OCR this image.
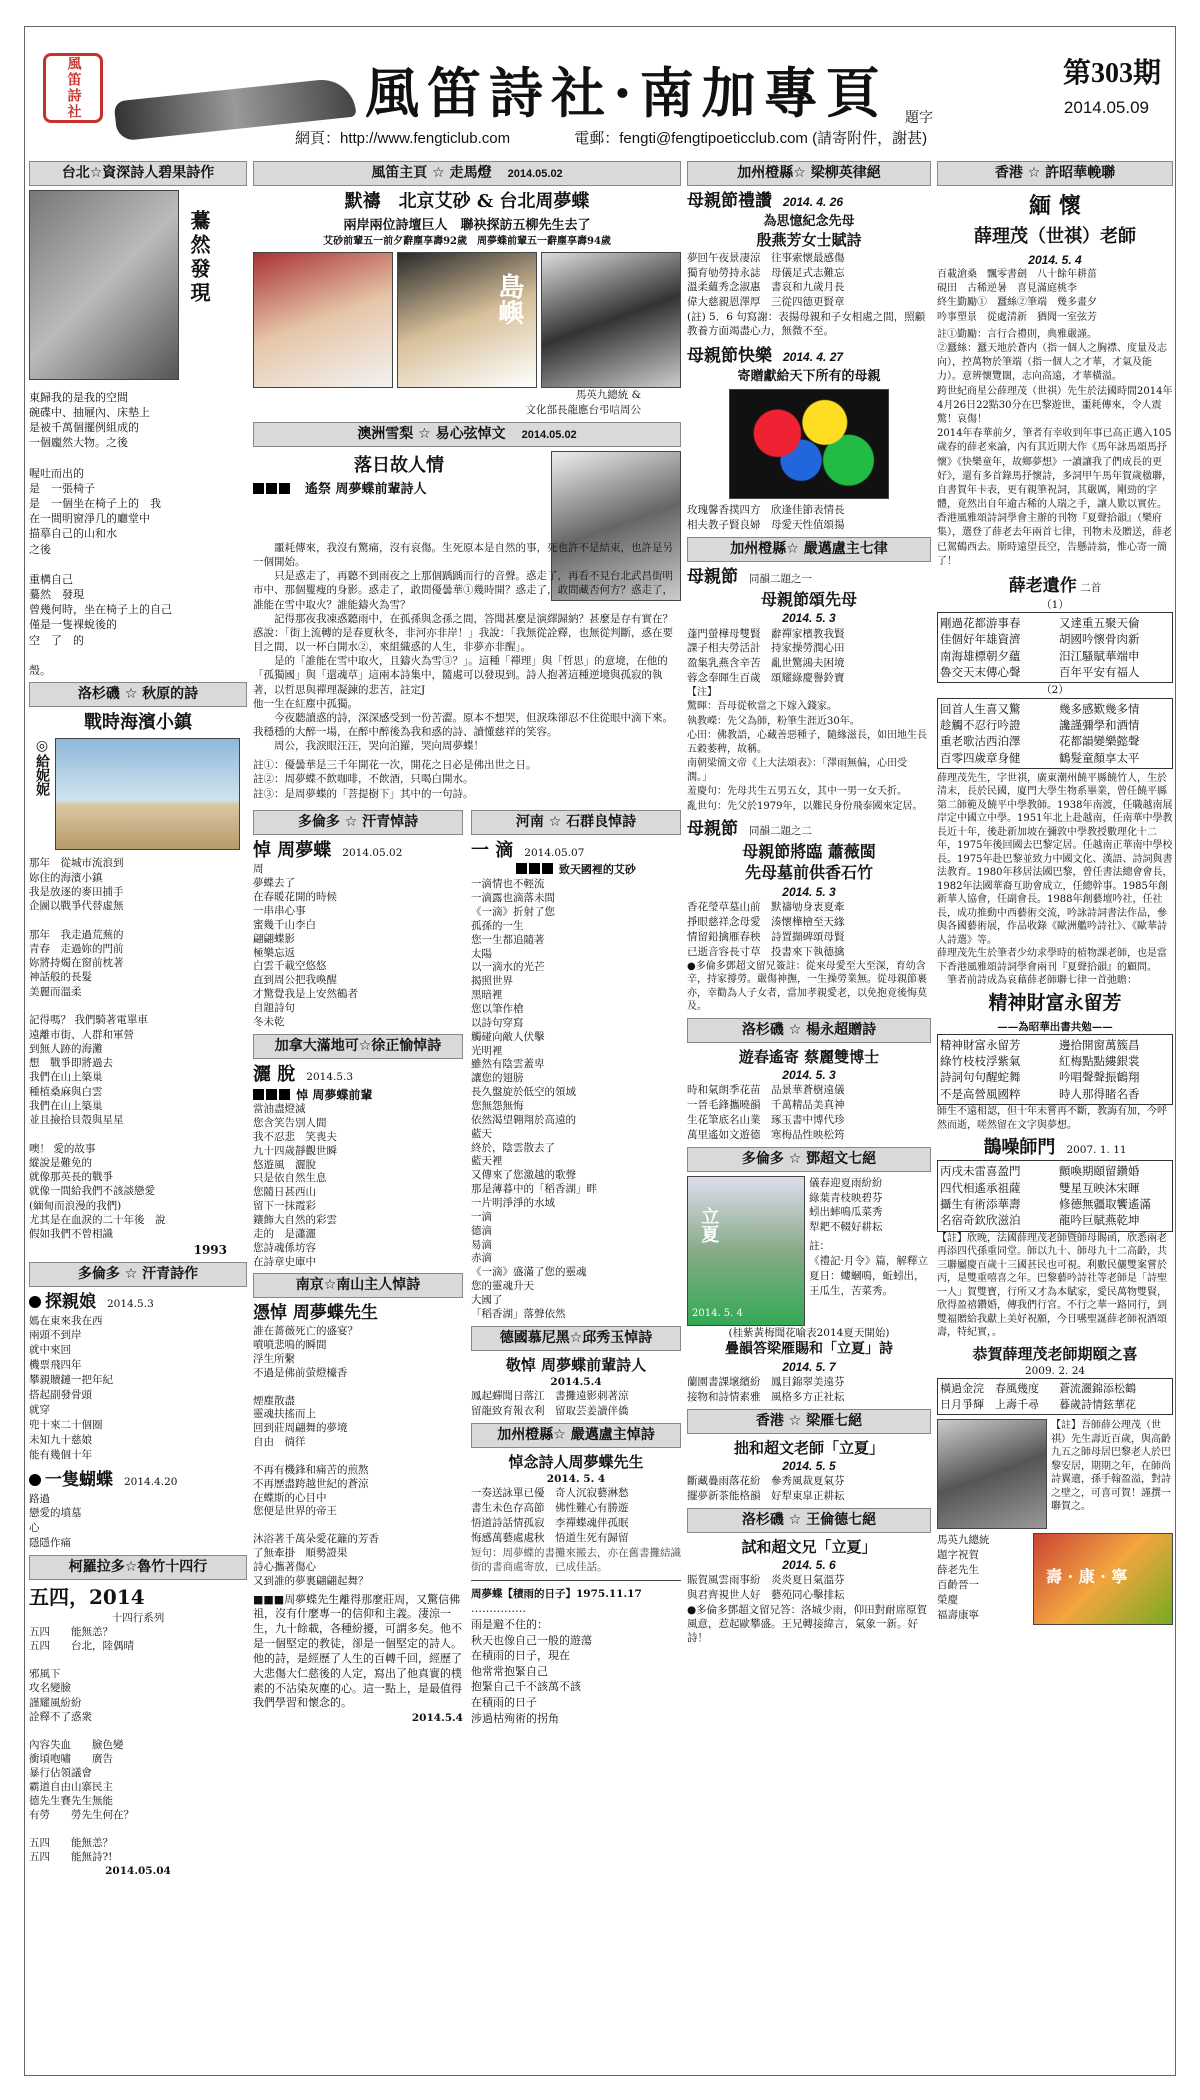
風笛詩社	風笛詩社·南加專頁 題字
第303期
2014.05.09
網頁：http://www.fengticlub.com	電郵：fengti@fengtipoeticclub.com (請寄附件，謝甚)
台北☆資深詩人碧果詩作
驀然發現
東歸我的是我的空間
碗碟中、抽屜內、床墊上
是被千萬個擺例組成的
一個龐然大物。之後

喔吐而出的
是　一張椅子
是　一個坐在椅子上的　我
在一間明窗淨几的廳堂中
描摹自己的山和水
之後

重構自己
驀然　發現
曾幾何時，坐在椅子上的自己
僅是一隻裸蛻後的
空　了　的

殼。
洛杉磯 ☆ 秋原的詩
戰時海濱小鎮
◎給妮妮
那年　從城市流浪到
妳住的海濱小鎮
我是放逐的麥田捕手
企圖以戰爭代替虛無

那年　我走過荒蕪的
青春　走過妳的門前
妳將持燭在窗前枕著
神話般的長髮
美麗而溫柔

記得嗎？ 我們騎著電單車
遠離市街、人群和軍營
到無人跡的海灘
想　戰爭即將過去
我們在山上築巢
種植桑麻與白雲
我們在山上築巢
並且撿拾貝殼與星星

噢！ 愛的故事
縱說是難免的
就像那英長的戰爭
就像一間給我們不該談戀愛
(緬甸而浪漫的我們)
尤其是在血淚的二十年後　說
假如我們不曾相識
1993
多倫多 ☆ 汗青詩作
探親娘　 2014.5.3
媽在東來我在西
兩頭不到岸
就中來回
機票飛四年
攀親贖鏈一把年紀
搭起副發骨頭
就穿
兜十來二十個圈
未知九十慈娘
能有幾個十年
一隻蝴蝶　 2014.4.20
路過
戀愛的墳墓
心
隱隱作痛
柯羅拉多☆魯竹十四行
五四，2014
十四行系列
五四　　能無恙？
五四　　台北，陸偶晴

邪風下
攻名變臉
謹耀風紛紛
詮釋不了惑衆

內容失血　　臉色變
衝頃咆嘯　　廣告
暴行佔領議會
霸道自由山寨民主
德先生賽先生無能
有勞　　勞先生何在？

五四　　能無恙？
五四　　能無詩?!
2014.05.04
風笛主頁 ☆ 走馬燈 2014.05.02
默禱　北京艾砂 & 台北周夢蝶
兩岸兩位詩壇巨人　聯袂探訪五柳先生去了
艾砂前輩五一前夕辭塵享壽92歲　周夢蝶前輩五一辭塵享壽94歲
島嶼
馬英九總統 &
文化部長龍應台弔唁周公
澳洲雪梨 ☆ 易心弦悼文 2014.05.02
落日故人情
　遙祭 周夢蝶前輩詩人
　　噩耗傳來，我沒有驚痛，沒有哀傷。生死原本是自然的事，死也許不是結束，也許是另一個開始。
　　只是惑走了，再聽不到雨夜之上那個踽踽而行的音聲。惑走了，再看不見台北武昌街明市中、那個矍瘦的身影。惑走了，敢問優曇華①幾時開？惑走了，敢問藏否何方？惑走了，誰能在雪中取火？誰能鑄火為雪？
　　記得那夜我凍惑聽雨中，在孤孫與念孫之間，答聞甚麼是演繹歸納？甚麼是存有實在？惑說：「街上流轉的是春夏秋冬，非河亦非岸！」我說：「我無從詮釋，也無從判斷，惑在要目之間，以一杯白開水②，來組織惑的人生，非夢亦非醒」。
　　是的「誰能在雪中取火，且鑄火為雪③？」。這種「禪理」與「哲思」的意境，在他的「孤獨國」與「還魂草」這兩本詩集中，隨處可以發現到。詩人抱著這種逆境與孤寂的執著，以哲思與禪理凝鍊的悲苦，註定J
他一生在紅塵中孤獨。
　　今夜聽讀惑的詩，深深感受到一份苦澀。原本不想哭，但淚珠卻忍不住從眼中滴下來。我穩穩的大醉一場，在醉中醉後為我和惑的詩、讀懂慈祥的笑容。
　　周公，我淚眼汪汪，哭向泊羅，哭向周夢蝶！
註①：優曇華是三千年開花一次，開花之日必是佛出世之日。
註②：周夢蝶不飲咖啡，不飲酒，只喝白開水。
註③：是周夢蝶的「菩提樹下」其中的一句詩。
多倫多 ☆ 汗青悼詩
悼 周夢蝶　 2014.05.02
周
夢蝶去了
在春暖花開的時候
一串串心事
蜜幾千山李白
翩翩蝶影
極樂忘返
白雲千載空悠悠
直到周公把我喚醒
才驚覺我是上安然鶴者
自題詩句
冬未乾
加拿大滿地可☆徐正愉悼詩
灑 脫　 2014.5.3
悼 周夢蝶前輩
當油盡燈滅
您含笑告別人間
我不忍悲　笑喪夫
九十四歲靜觀世瞬
悠遊風　灑脫
只是依自然生息
您隨日甚西山
留下一抹霞彩
鑲飾大自然的彩雲
走的　是瀟灑
您詩魂係坊容
在詩章史庫中
南京☆南山主人悼詩
憑悼 周夢蝶先生
誰在薔薇死亡的盛宴？
噴噴悲鳴的瞬間
浮生所繫
不過是佛前萤燈檯香

煙塵散盡
靈魂扶搖而上
回到莊周翩舞的夢境
自由　徜徉

不再有機鋒和痛苦的煎熬
不再歷盡跨越世紀的蒼涼
在蝶斯的心目中
您便是世界的帝王

沐浴著千萬朵愛花籬的芳香
了無牽掛　順勢證果
詩心攜著傷心
又到誰的夢裏翩翩起舞？
■■■周夢蝶先生離得那麼莊周，又驚信佛祖，沒有什麼專一的信仰和主義。淒涼一生，九十餘載，各種紛擾，可謂多矣。他不是一個堅定的教徒，卻是一個堅定的詩人。他的詩，是經歷了人生的百轉千回，經歷了大悲傷大仁慈後的人定，寫出了他真實的樸素的不沾染灰塵的心。這一點上，是最值得我們學習和懷念的。
2014.5.4
河南 ☆ 石群良悼詩
一 滴　 2014.05.07
致天國裡的艾砂
一滴情也不輕流
一滴露也滴落未間
《一滴》折射了您
孤孫的一生
您一生都追隨著
太陽
以一滴水的光芒
揭照世界
黑暗裡
您以筆作槍
以詩句穿寫
觸碰向敵人伏擊
光明裡
雖然有陰雲蓋卑
讓您的翅膀
長久盤旋於低空的領域
您無怨無悔
依然渴望翱翔於高遠的
藍天
終於，陰雲散去了
藍天裡
又傳來了您激越的歌聲
那是薄暮中的「稻香湖」畔
一片明淨淨的水域
一滴
德滴
易滴
赤滴
《一滴》盛滿了您的靈魂
您的靈魂升天
大國了
「稻香湖」落聲依然
德國慕尼黑☆邱秀玉悼詩
敬悼 周夢蝶前輩詩人
2014.5.4
鳳起蟬聞日落江　書攤遠影刺著涼
留龍致育報衣利　留取芸姜讀伴僑
加州橙縣☆ 嚴邁盧主悼詩
悼念詩人周夢蝶先生
2014. 5. 4
一奏送詠單已優　奇人沉寂藝淋愁
書生未色存高節　佛性難心有勝遊
悟道詩話情孤寂　李禪蝶魂伴孤眠
悔感萬藝處處秋　悟道生死有歸留
短句：周夢蝶的書攤來搬去，亦在舊書攤結識街的書商處寄放，已成佳話。
周夢蝶【積雨的日子】1975.11.17
……………
雨是避不住的：
秋天也像自己一般的遊蕩
在積雨的日子，現在
他常常抱緊自己
抱緊自己千不該萬不該
在積雨的日子
涉過枯殉術的拐角
加州橙縣☆ 梁柳英律絕
母親節禮讚　 2014. 4. 26
為思憶紀念先母
殷燕芳女士賦詩
夢回午夜景凄涼　往事索懷最感傷
獨育劬勞持永誌　母儀足式志難忘
溫柔蘊秀念淑惠　書哀和九歲月長
偉大慈親恩澤厚　三從四德更賢章
(註) 5．6 句寫謝：表揚母親和子女相處之間，照顧教養方面竭盡心力，無微不至。
母親節快樂　 2014. 4. 27
寄贈獻給天下所有的母親
玫瑰馨香撲四方　欣逢佳節表情長
相夫教子賢良婦　母愛天性值頌揚
加州橙縣☆ 嚴邁盧主七律
母親節　 同韻二題之一
母親節頌先母
2014. 5. 3
蓬門螢樺母雙賢　辭禪家檳教我賢
課子相夫勞活計　持家操勞潤心田
盈集乳燕含辛苦　亂世驚鴻夫困境
蓉念奉暉生百歲　頌耀綠慶譽鈴寶
【注】
驚暉：吾母從軟當之下嫁入錢家。
執教嶸：先父為師，粉筆生涯近30年。
心田：佛教語，心藏善惡種子，隨緣滋長，如田地生長五穀萎稗，故稱。
南朝梁簡文帝《上大法頌表》：「澤雨無偏，心田受潤。」
羞慶句：先母共生五男五女，其中一男一女夭折。
亂世句：先父於1979年，以難民身份飛泰國來定居。
母親節　 同韻二題之二
母親節將臨 蕭薇閩
先母墓前供香石竹
2014. 5. 3
香花瑩草墓山前　默禱劬身衷夏牽
掙眼慈祥念母愛　湊懷樺檜至天緣
情留鉛擒雁春秧　詩置擷碑頌母賢
已逝音容長寸草　投書來下執德擒
●多倫多鄧超文留兄簽註：從來母愛至大至深，育幼含辛，持家撐勞。嚴傷神撫，一生操勞業無。從母親節裹亦，幸勸為人子女者，當加孝親愛老，以免抱竟後悔莫及。
洛杉磯 ☆ 楊永超贈詩
遊春遙寄 蔡麗雙博士
2014. 5. 3
時和氣朗季花苗　品景華蒼樹遠儀
一晉毛鋒攜曉韻　千萬精品美真神
生花筆底名山業　琢玉書中博代珍
萬里遙如文遊德　寒梅品性映松筠
多倫多 ☆ 鄧超文七絕
立夏
2014. 5. 4
儀春迎夏雨紛紛
綠葉青枝映碧芬
蚓出蟀鳴瓜菜秀
犁耙不輟好耕耘
註：
《禮記·月令》篇，解釋立夏日：螻蟈鳴，蚯蚓出，王瓜生，苦菜秀。
(桂紫黃梅聞花喻表2014夏天開始)
疊韻答梁雁賜和「立夏」詩
2014. 5. 7
蘭園書課壞繽紛　鳳目錦翠美遠芬
接物和詩情素雅　風格多方正社耘
香港 ☆ 梁雁七絕
拙和超文老師「立夏」
2014. 5. 5
斷藏疊雨落花紛　參秀風裁夏氣芬
擺夢新茶能格韻　好犁東皐正耕耘
洛杉磯 ☆ 王倫德七絕
試和超文兄「立夏」
2014. 5. 6
賑賀風雲雨事紛　炎炎夏日氣溫芬
與君齊視世人好　藝苑同心擊排耘
●多倫多鄧超文留兄答：洛城少雨，仰田對耐席原賀風意，惹起歐攀盛。王兄轉接緯言，氣象一新。好詩！
香港 ☆ 許昭華輓聯
緬 懷
薛理茂（世祺）老師
2014. 5. 4
百載滄桑　飄零書劍　八十餘年耕菑
硯田　古稀逆暑　喜見滿庭桃李
終生勤勵①　蠶絲②筆端　幾多畫夕
吟事塑景　從處清新　猶聞一室弦芳
註①勤勵：言行合禮則，典雅嚴謹。
②蠶絲：蠶天地於蒼内（指一個人之胸襟、度量及志向），控萬物於筆端（指一個人之才華，才氣及能力）。意辨懷覽闊，志向高遠，才華橫溢。
跨世紀商星公薛理茂（世祺）先生於法國時間2014年4月26日22點30分在巴黎遊世，噩耗傳來，令人震驚！哀傷！
2014年春華前夕，筆者有幸收到年事已高正邁入105歲春的薛老來論，內有其近期大作《馬年詠馬頌馬抒懷》《快樂童年，故鄉夢想》一讀讓我了們成長的更好》，還有多首錄馬抒懷詩，多詞甲午馬年賀歲楹聯，自書賀年卡表，更有親筆祝詞，其嚴厲，剛勁的字體，竟然出自年逾古稀的人瑞之手，讓人歎以實佐。
香港風雅頌詩詞學會主辦的刊物『夏聲拾韻』（樂府集），選登了薛老去年兩首七律，刊物未及贈送，薛老已駕鶴西去。斯時遠望長空，告懸詩翁，惟心寄一簡了！
薛老遺作 二首
（1）
剛過花都游事春
佳個好年雄資濟
南海雄標朝夕蘊
魯交天末傳心聲
又達重五聚天倫
胡國吟懷骨肉新
汨江騷賦華端申
百年平安有福人
（2）
回首人生喜又驚
趁觸不忍行吟證
重老歌沽西泊澤
百零四歲章身健
幾多感歎幾多情
讒謹彌學和酒情
花都韻變樂懿聲
鶴髮童顏享太平
薛理茂先生，字世祺，廣東潮州饒平縣饒竹人，生於清末，長於民國，廈門大學生物系畢業，曾任饒平縣第二師範及饒平中學教師。1938年南渡，任職越南展岸定中國立中學。1951年北上赴越南，任南華中學教長近十年，後赴新加坡在彌敦中學教授數理化十二年，1975年後回國去巴黎定居。任越南正華南中學校長。1975年赴巴黎並致力中國文化、漢語、詩詞與書法教育。1980年移居法國巴黎，曾任書法總會會長，1982年法國華裔互助會成立，任總幹事。1985年創新華人協會，任副會長。1988年創藝壇吟社，任社長，成功推動中西藝術交流，吟詠詩詞書法作品，參與各國藝術展，作品收錄《歐洲艦吟詩社》、《歐華詩人詩選》等。
薛理茂先生於筆者少幼求學時的植物課老師，也是當下香港風雅頌詩詞學會兩刊『夏聲拾韻』的顧問。
　筆者前詩成為哀藉薛老師聯七律一首弛瞻：
精神財富永留芳
——為昭華出書共勉——
精神財富永留芳
綠竹枝枝浮紫氣
詩詞句句醒蛇舞
不是高營風國粹
邊拾開窗萬簇昌
紅梅點點縷銀裳
吟唱聲聲振鶴翔
時人那得睹名香
師生不遠相認，但十年未嘗再不斷，教誨有加，今呼然而逝，嗟然留在文字與夢想。
鵲噪師門　 2007. 1. 11
丙戌未雷喜盈門
四代相遙承祖薩
攝生有術添華壽
名宿奇欽欣滋泊
顫喚期頤留鑽婚
雙星互映沐宋暉
修德無疆取饗遙滿
龍吟巨賦燕乾坤
【註】欣晚，法國薛理茂老師暨師母賜函，欣悉兩老再添四代孫重同堂。師以九十、師母九十二高齡，共三聯屬慶百歲十三國甚民也可視。利數民儷雙案嘗於丙，是雙重嘻喜之年。巴黎藝吟詩社等老師是「詩聖一人」賀雙寶，行所又才為本賦家，愛民萬物雙賢，欣得盈禧鑽婚，傳我們行宮。不行之華一路同行，到雙福贈給我獻上美好祝願，今日嚥聖誕薛老師祝酒頌壽，特紀實，。
恭賀薛理茂老師期頤之喜
2009. 2. 24
橫過金浣　春風幾度
日月爭輝　上壽千尋
蒼流灑錦添松鶴
暮歲詩情鉉華花
【註】吾師薛公理茂（世祺）先生壽近百歲，與高齡九五之師母居巴黎老人於巴黎安居，期期之年，在師尚詩翼遺，孫手翰盈溢，對詩之壁之，可喜可賀！謹撰一聯賀之。
馬英九總統
題字祝賀
薛老先生
百齡晉一
榮慶
福壽康寧
壽 · 康 · 寧
